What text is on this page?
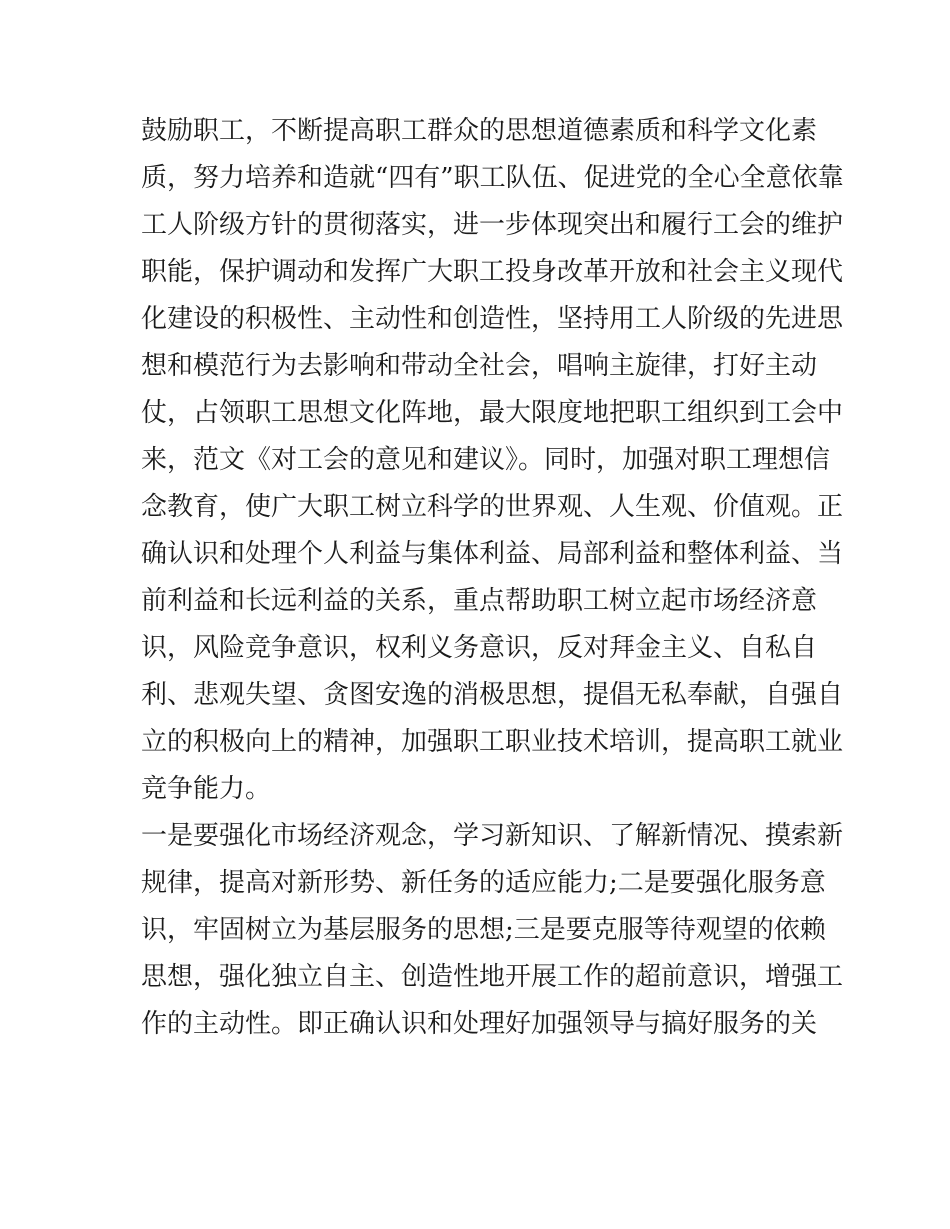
鼓励职工，不断提高职工群众的思想道德素质和科学文化素
质，努力培养和造就“四有”职工队伍、促进党的全心全意依靠
工人阶级方针的贯彻落实，进一步体现突出和履行工会的维护
职能，保护调动和发挥广大职工投身改革开放和社会主义现代
化建设的积极性、主动性和创造性，坚持用工人阶级的先进思
想和模范行为去影响和带动全社会，唱响主旋律，打好主动
仗，占领职工思想文化阵地，最大限度地把职工组织到工会中
来，范文《对工会的意见和建议》。同时，加强对职工理想信
念教育，使广大职工树立科学的世界观、人生观、价值观。正
确认识和处理个人利益与集体利益、局部利益和整体利益、当
前利益和长远利益的关系，重点帮助职工树立起市场经济意
识，风险竞争意识，权利义务意识，反对拜金主义、自私自
利、悲观失望、贪图安逸的消极思想，提倡无私奉献，自强自
立的积极向上的精神，加强职工职业技术培训，提高职工就业
竞争能力。
一是要强化市场经济观念，学习新知识、了解新情况、摸索新
规律，提高对新形势、新任务的适应能力;二是要强化服务意
识，牢固树立为基层服务的思想;三是要克服等待观望的依赖
思想，强化独立自主、创造性地开展工作的超前意识，增强工
作的主动性。即正确认识和处理好加强领导与搞好服务的关
